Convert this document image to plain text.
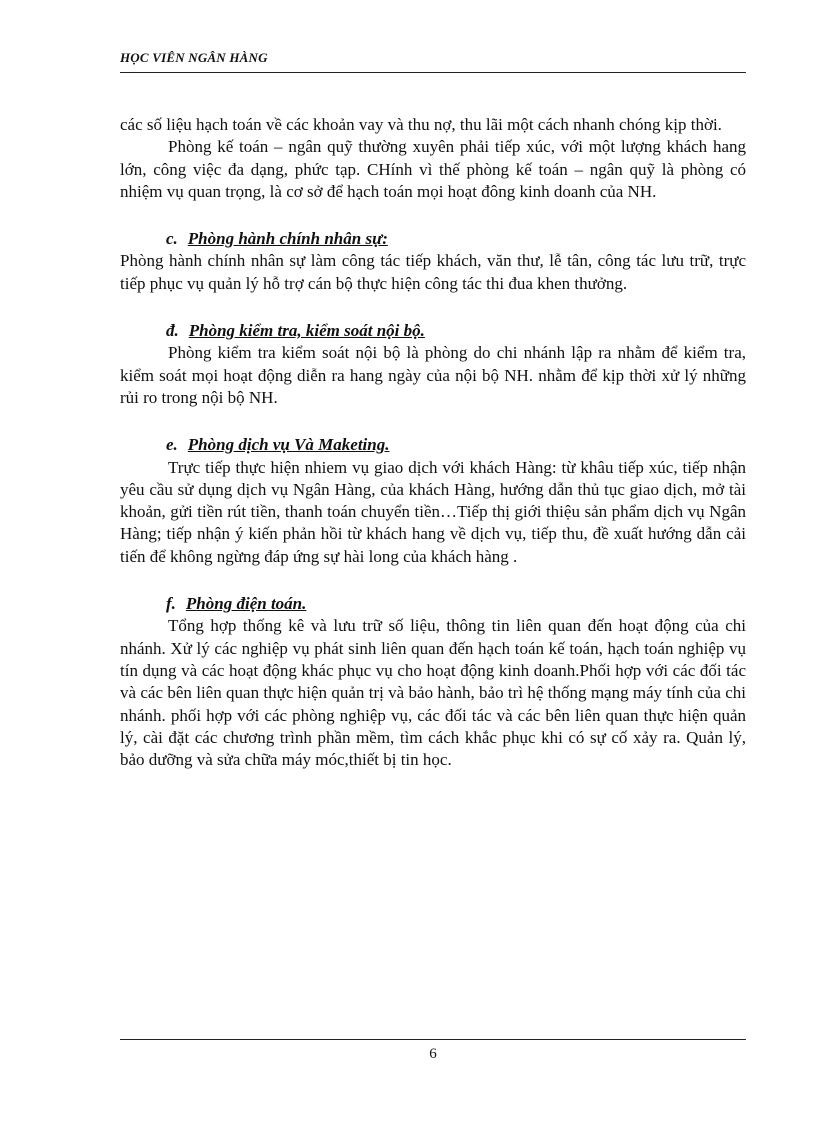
HỌC VIÊN NGÂN HÀNG

các số liệu hạch toán về các khoản vay và thu nợ, thu lãi một cách nhanh chóng kịp thời.

Phòng kế toán – ngân quỹ thường xuyên phải tiếp xúc, với một lượng khách hang lớn, công việc đa dạng, phức tạp. CHính vì thế phòng kế toán – ngân quỹ là phòng có nhiệm vụ quan trọng, là cơ sở để hạch toán mọi hoạt đông kinh doanh của NH.

c. Phòng hành chính nhân sự:

Phòng hành chính nhân sự làm công tác tiếp khách, văn thư, lễ tân, công tác lưu trữ, trực tiếp phục vụ quản lý hỗ trợ cán bộ thực hiện công tác thi đua khen thưởng.

đ. Phòng kiểm tra, kiểm soát nội bộ.

Phòng kiểm tra kiểm soát nội bộ là phòng do chi nhánh lập ra nhằm để kiểm tra, kiểm soát mọi hoạt động diễn ra hang ngày của nội bộ NH. nhằm để kịp thời xử lý những rủi ro trong nội bộ NH.

e. Phòng dịch vụ Và Maketing.

Trực tiếp thực hiện nhiem vụ giao dịch với khách Hàng: từ khâu tiếp xúc, tiếp nhận yêu cầu sử dụng dịch vụ Ngân Hàng, của khách Hàng, hướng dẫn thủ tục giao dịch, mở tài khoản, gửi tiền rút tiền, thanh toán chuyển tiền…Tiếp thị giới thiệu sản phẩm dịch vụ Ngân Hàng; tiếp nhận ý kiến phản hồi từ khách hang về dịch vụ, tiếp thu, đề xuất hướng dẫn cải tiến để không ngừng đáp ứng sự hài long của khách hàng .

f. Phòng điện toán.

Tổng hợp thống kê và lưu trữ số liệu, thông tin liên quan đến hoạt động của chi nhánh. Xử lý các nghiệp vụ phát sinh liên quan đến hạch toán kế toán, hạch toán nghiệp vụ tín dụng và các hoạt động khác phục vụ cho hoạt động kinh doanh.Phối hợp với các đối tác và các bên liên quan thực hiện quản trị và bảo hành, bảo trì hệ thống mạng máy tính của chi nhánh. phối hợp với các phòng nghiệp vụ, các đối tác và các bên liên quan thực hiện quản lý, cài đặt các chương trình phần mềm, tìm cách khắc phục khi có sự cố xảy ra. Quản lý, bảo dưỡng và sửa chữa máy móc,thiết bị tin học.

6
